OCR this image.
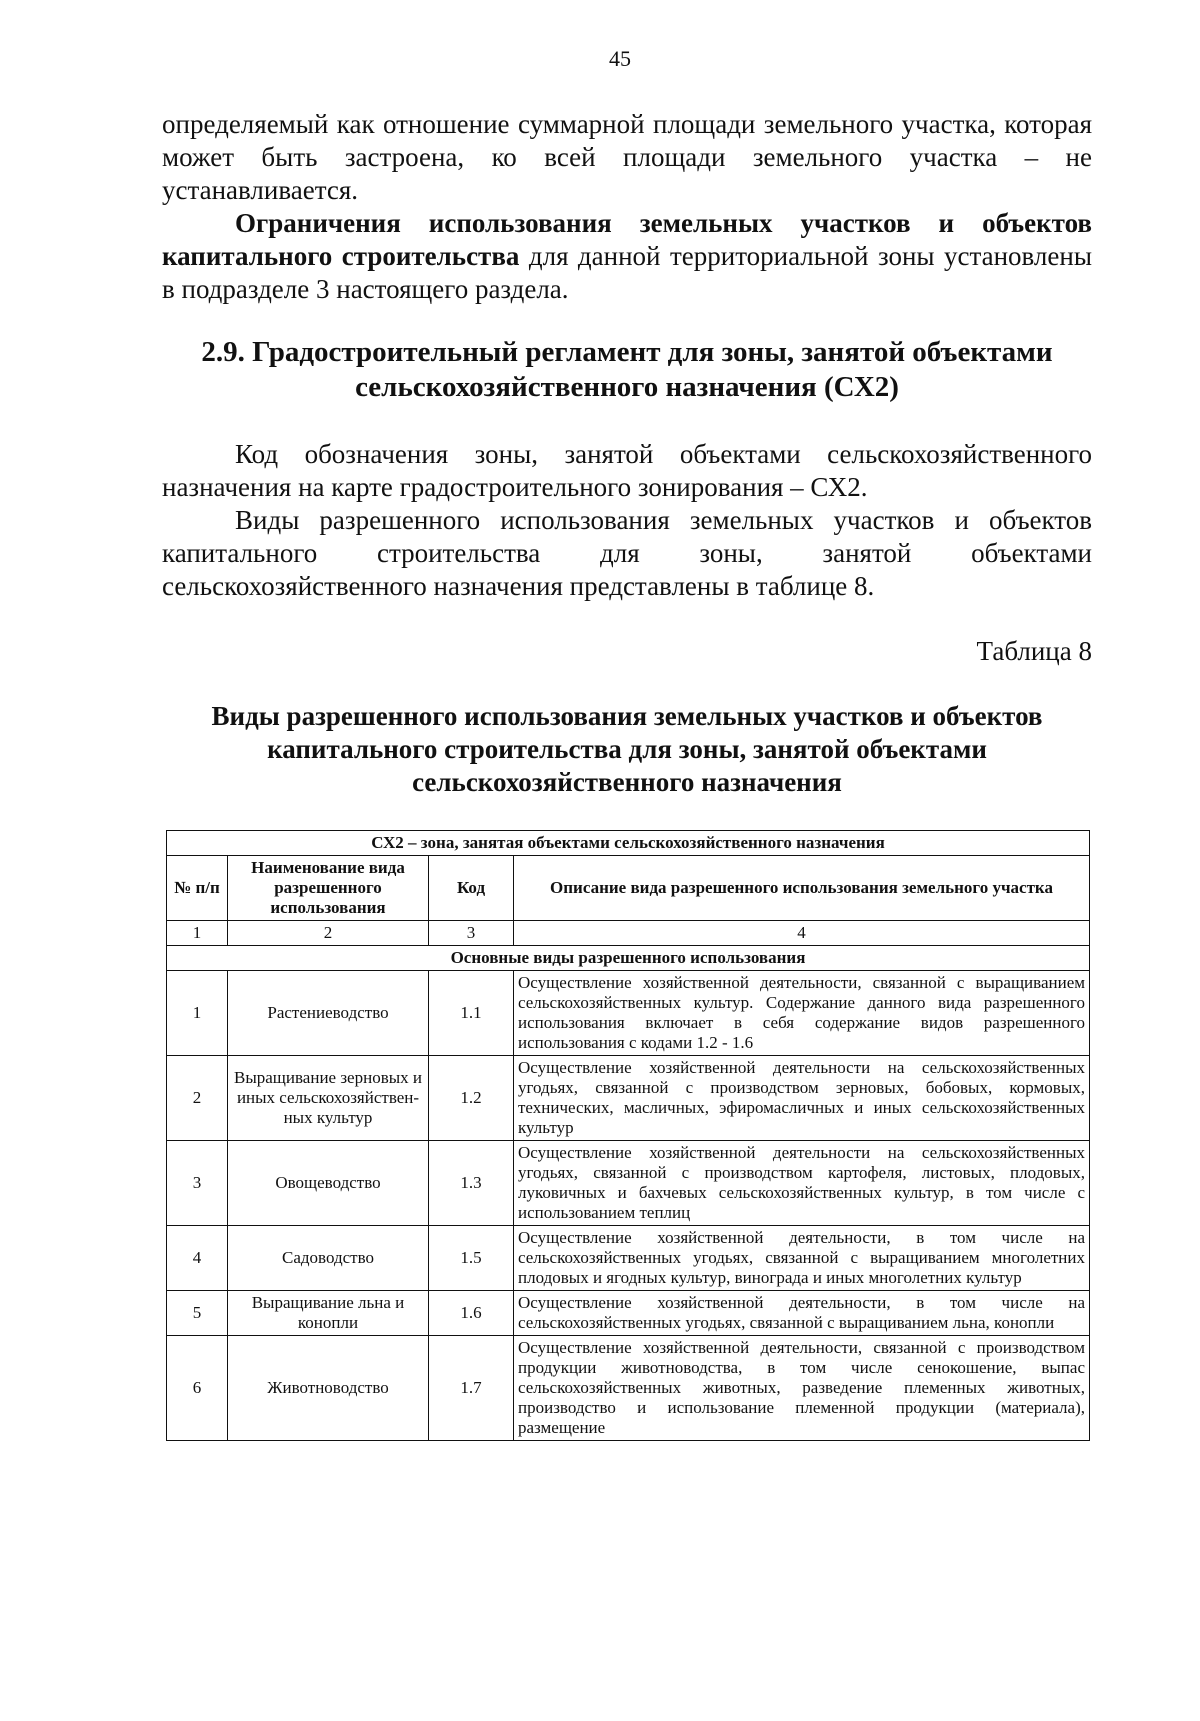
45
определяемый как отношение суммарной площади земельного участка, которая может быть застроена, ко всей площади земельного участка – не устанавливается.
Ограничения использования земельных участков и объектов капитального строительства для данной территориальной зоны установлены в подразделе 3 настоящего раздела.
2.9. Градостроительный регламент для зоны, занятой объектами сельскохозяйственного назначения (СХ2)
Код обозначения зоны, занятой объектами сельскохозяйственного назначения на карте градостроительного зонирования – СХ2.
Виды разрешенного использования земельных участков и объектов капитального строительства для зоны, занятой объектами сельскохозяйственного назначения представлены в таблице 8.
Таблица 8
Виды разрешенного использования земельных участков и объектов капитального строительства для зоны, занятой объектами сельскохозяйственного назначения
СХ2 – зона, занятая объектами сельскохозяйственного назначения			
№ п/п	Наименование вида разрешенного использования	Код	Описание вида разрешенного использования земельного участка
1	2	3	4
Основные виды разрешенного использования			
1	Растениеводство	1.1	Осуществление хозяйственной деятельности, связанной с выращиванием сельскохозяйственных культур. Содержание данного вида разрешенного использования включает в себя содержание видов разрешенного использования с кодами 1.2 - 1.6
2	Выращивание зерновых и иных сельскохозяйствен-ных культур	1.2	Осуществление хозяйственной деятельности на сельскохозяйственных угодьях, связанной с производством зерновых, бобовых, кормовых, технических, масличных, эфиромасличных и иных сельскохозяйственных культур
3	Овощеводство	1.3	Осуществление хозяйственной деятельности на сельскохозяйственных угодьях, связанной с производством картофеля, листовых, плодовых, луковичных и бахчевых сельскохозяйственных культур, в том числе с использованием теплиц
4	Садоводство	1.5	Осуществление хозяйственной деятельности, в том числе на сельскохозяйственных угодьях, связанной с выращиванием многолетних плодовых и ягодных культур, винограда и иных многолетних культур
5	Выращивание льна и конопли	1.6	Осуществление хозяйственной деятельности, в том числе на сельскохозяйственных угодьях, связанной с выращиванием льна, конопли
6	Животноводство	1.7	Осуществление хозяйственной деятельности, связанной с производством продукции животноводства, в том числе сенокошение, выпас сельскохозяйственных животных, разведение племенных животных, производство и использование племенной продукции (материала), размещение
